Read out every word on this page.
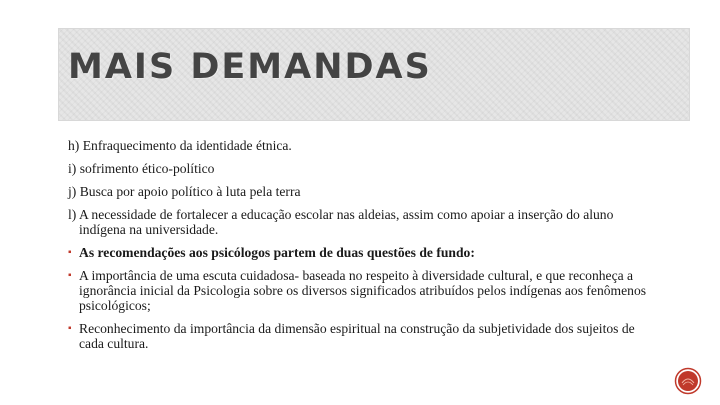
MAIS DEMANDAS

h) Enfraquecimento da identidade étnica.

i) sofrimento ético-político

j) Busca por apoio político à luta pela terra

l) A necessidade de fortalecer a educação escolar nas aldeias, assim como apoiar a inserção do aluno indígena na universidade.

▪ As recomendações aos psicólogos partem de duas questões de fundo:
▪ A importância de uma escuta cuidadosa- baseada no respeito à diversidade cultural, e que reconheça a ignorância inicial da Psicologia sobre os diversos significados atribuídos pelos indígenas aos fenômenos psicológicos;
▪ Reconhecimento da importância da dimensão espiritual na construção da subjetividade dos sujeitos de cada cultura.
